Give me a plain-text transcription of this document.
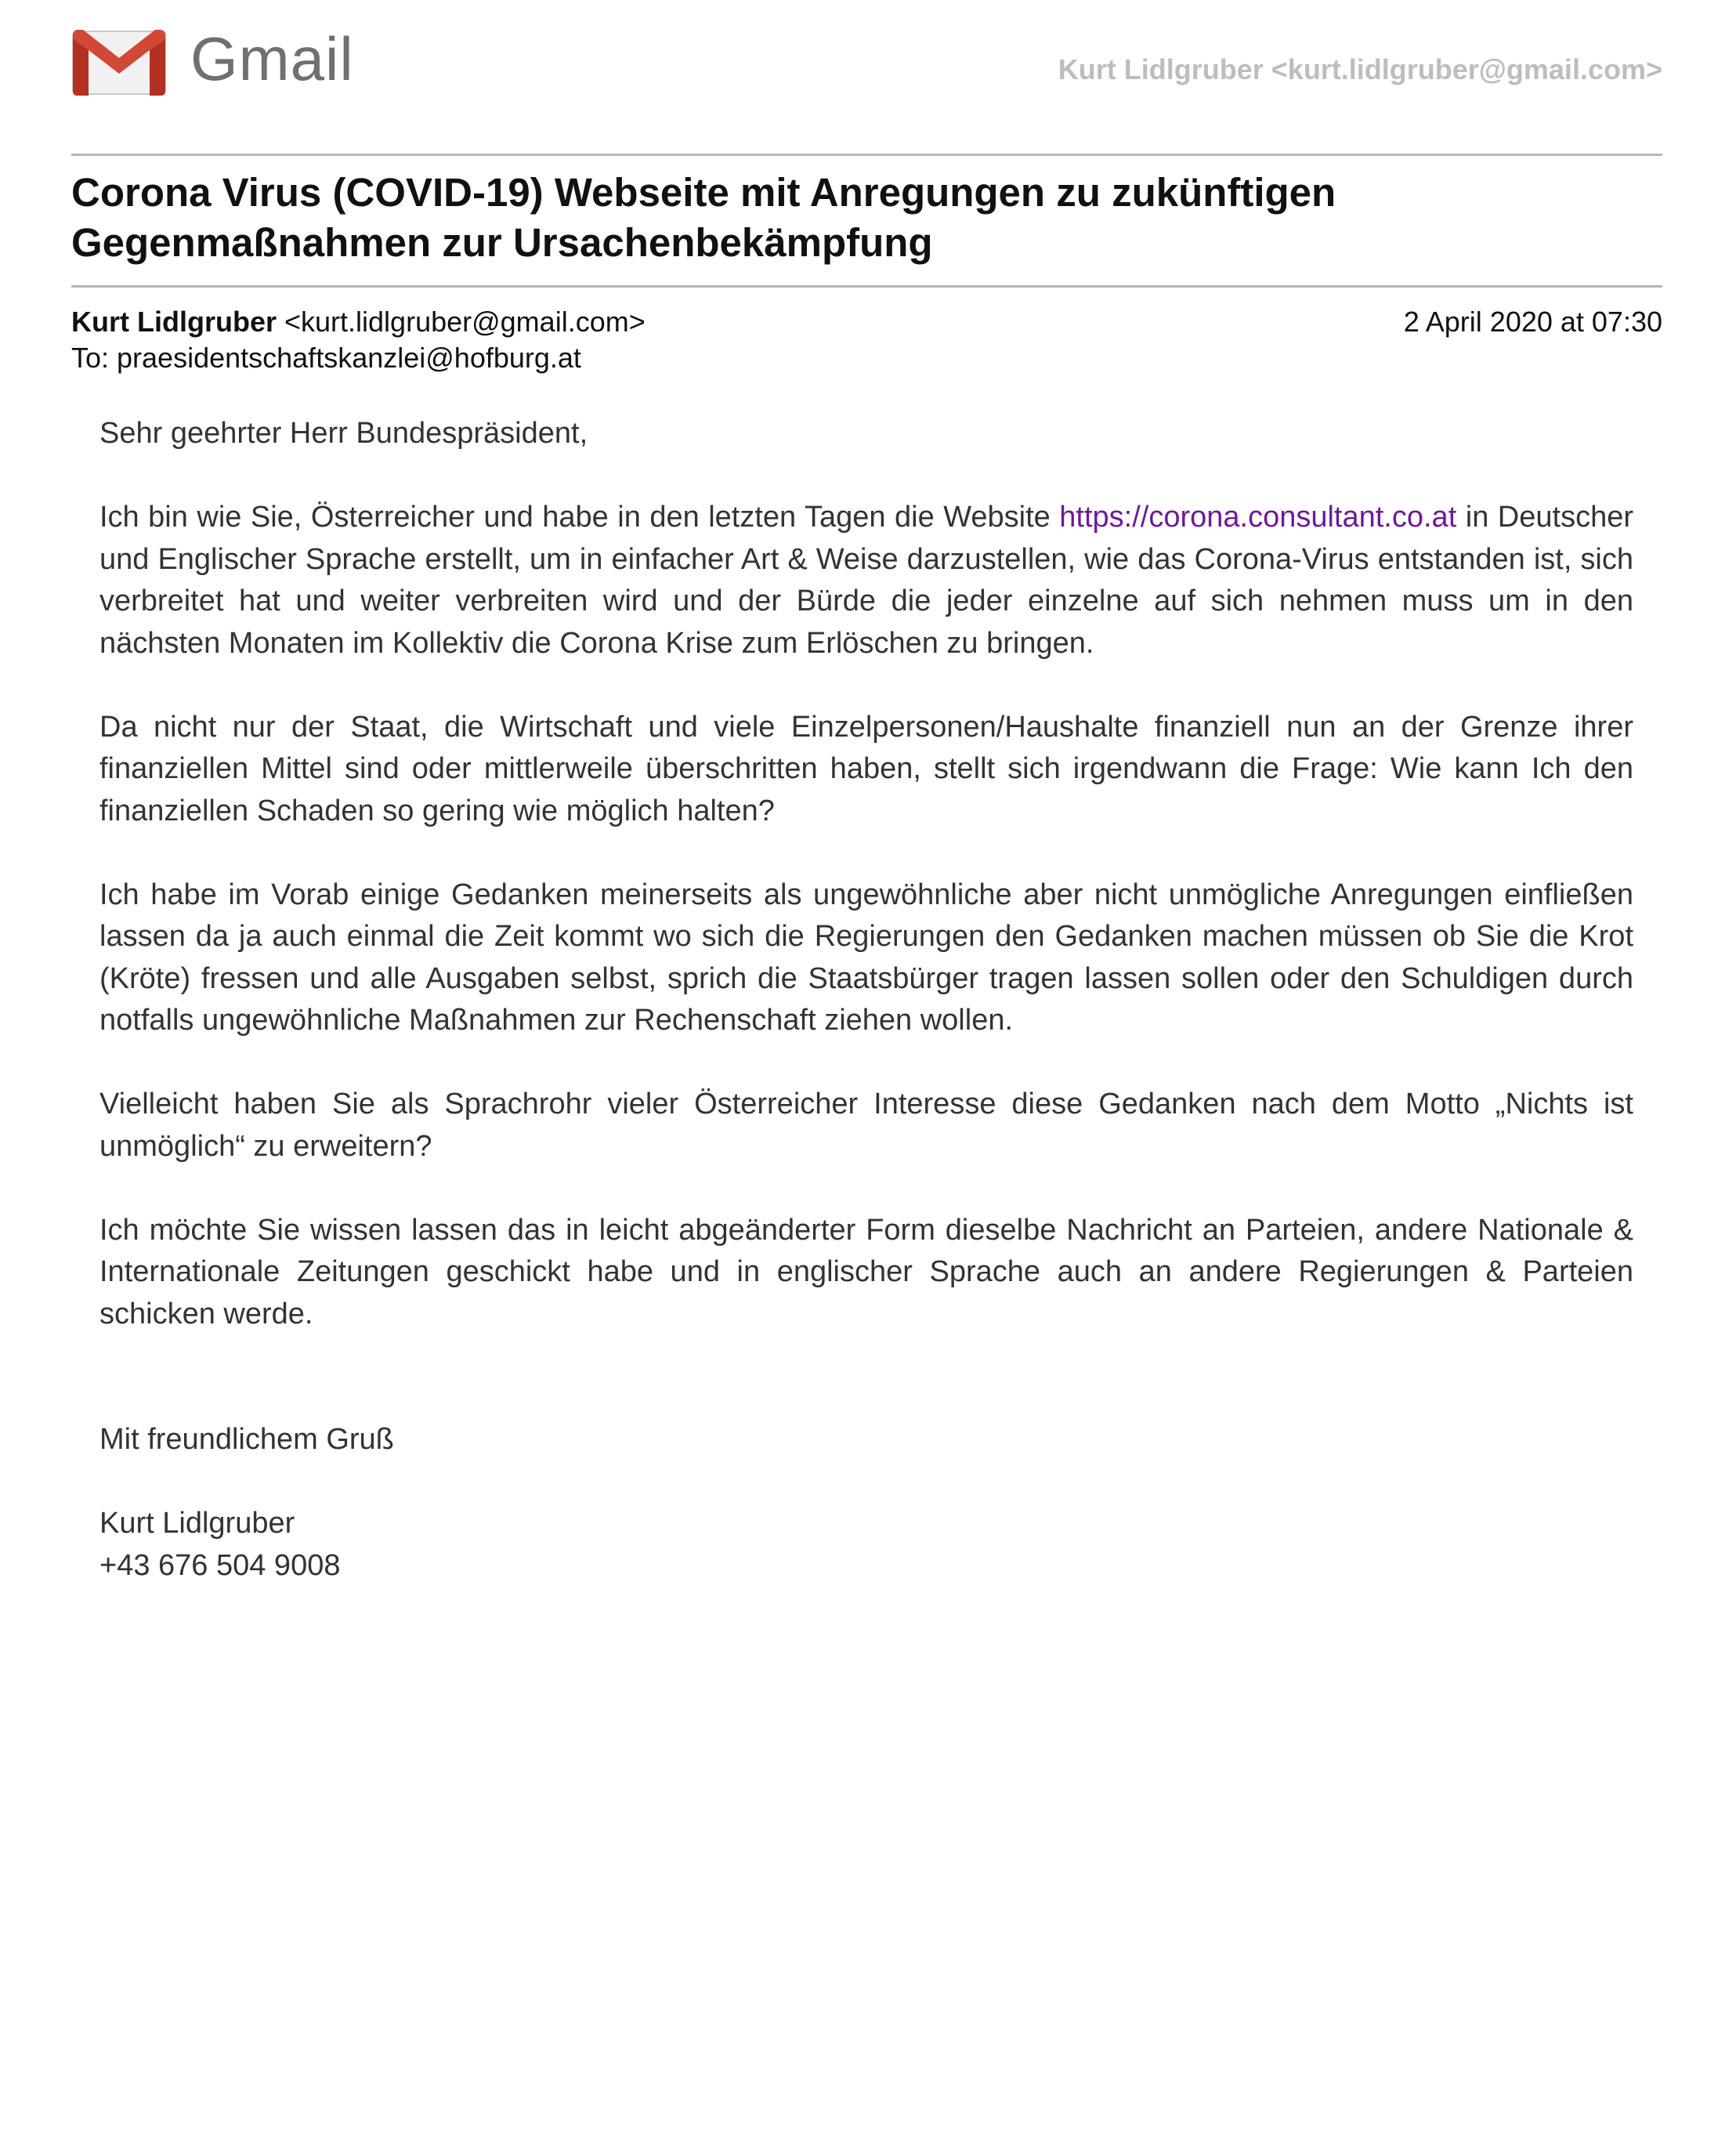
Gmail	Kurt Lidlgruber <kurt.lidlgruber@gmail.com>
Corona Virus (COVID-19) Webseite mit Anregungen zu zukünftigen Gegenmaßnahmen zur Ursachenbekämpfung
Kurt Lidlgruber <kurt.lidlgruber@gmail.com>
To: praesidentschaftskanzlei@hofburg.at
2 April 2020 at 07:30

Sehr geehrter Herr Bundespräsident,

Ich bin wie Sie, Österreicher und habe in den letzten Tagen die Website https://corona.consultant.co.at in Deutscher und Englischer Sprache erstellt, um in einfacher Art & Weise darzustellen, wie das Corona-Virus entstanden ist, sich verbreitet hat und weiter verbreiten wird und der Bürde die jeder einzelne auf sich nehmen muss um in den nächsten Monaten im Kollektiv die Corona Krise zum Erlöschen zu bringen.

Da nicht nur der Staat, die Wirtschaft und viele Einzelpersonen/Haushalte finanziell nun an der Grenze ihrer finanziellen Mittel sind oder mittlerweile überschritten haben, stellt sich irgendwann die Frage: Wie kann Ich den finanziellen Schaden so gering wie möglich halten?

Ich habe im Vorab einige Gedanken meinerseits als ungewöhnliche aber nicht unmögliche Anregungen einfließen lassen da ja auch einmal die Zeit kommt wo sich die Regierungen den Gedanken machen müssen ob Sie die Krot (Kröte) fressen und alle Ausgaben selbst, sprich die Staatsbürger tragen lassen sollen oder den Schuldigen durch notfalls ungewöhnliche Maßnahmen zur Rechenschaft ziehen wollen.

Vielleicht haben Sie als Sprachrohr vieler Österreicher Interesse diese Gedanken nach dem Motto „Nichts ist unmöglich“ zu erweitern?

Ich möchte Sie wissen lassen das in leicht abgeänderter Form dieselbe Nachricht an Parteien, andere Nationale & Internationale Zeitungen geschickt habe und in englischer Sprache auch an andere Regierungen & Parteien schicken werde.

Mit freundlichem Gruß

Kurt Lidlgruber
+43 676 504 9008
